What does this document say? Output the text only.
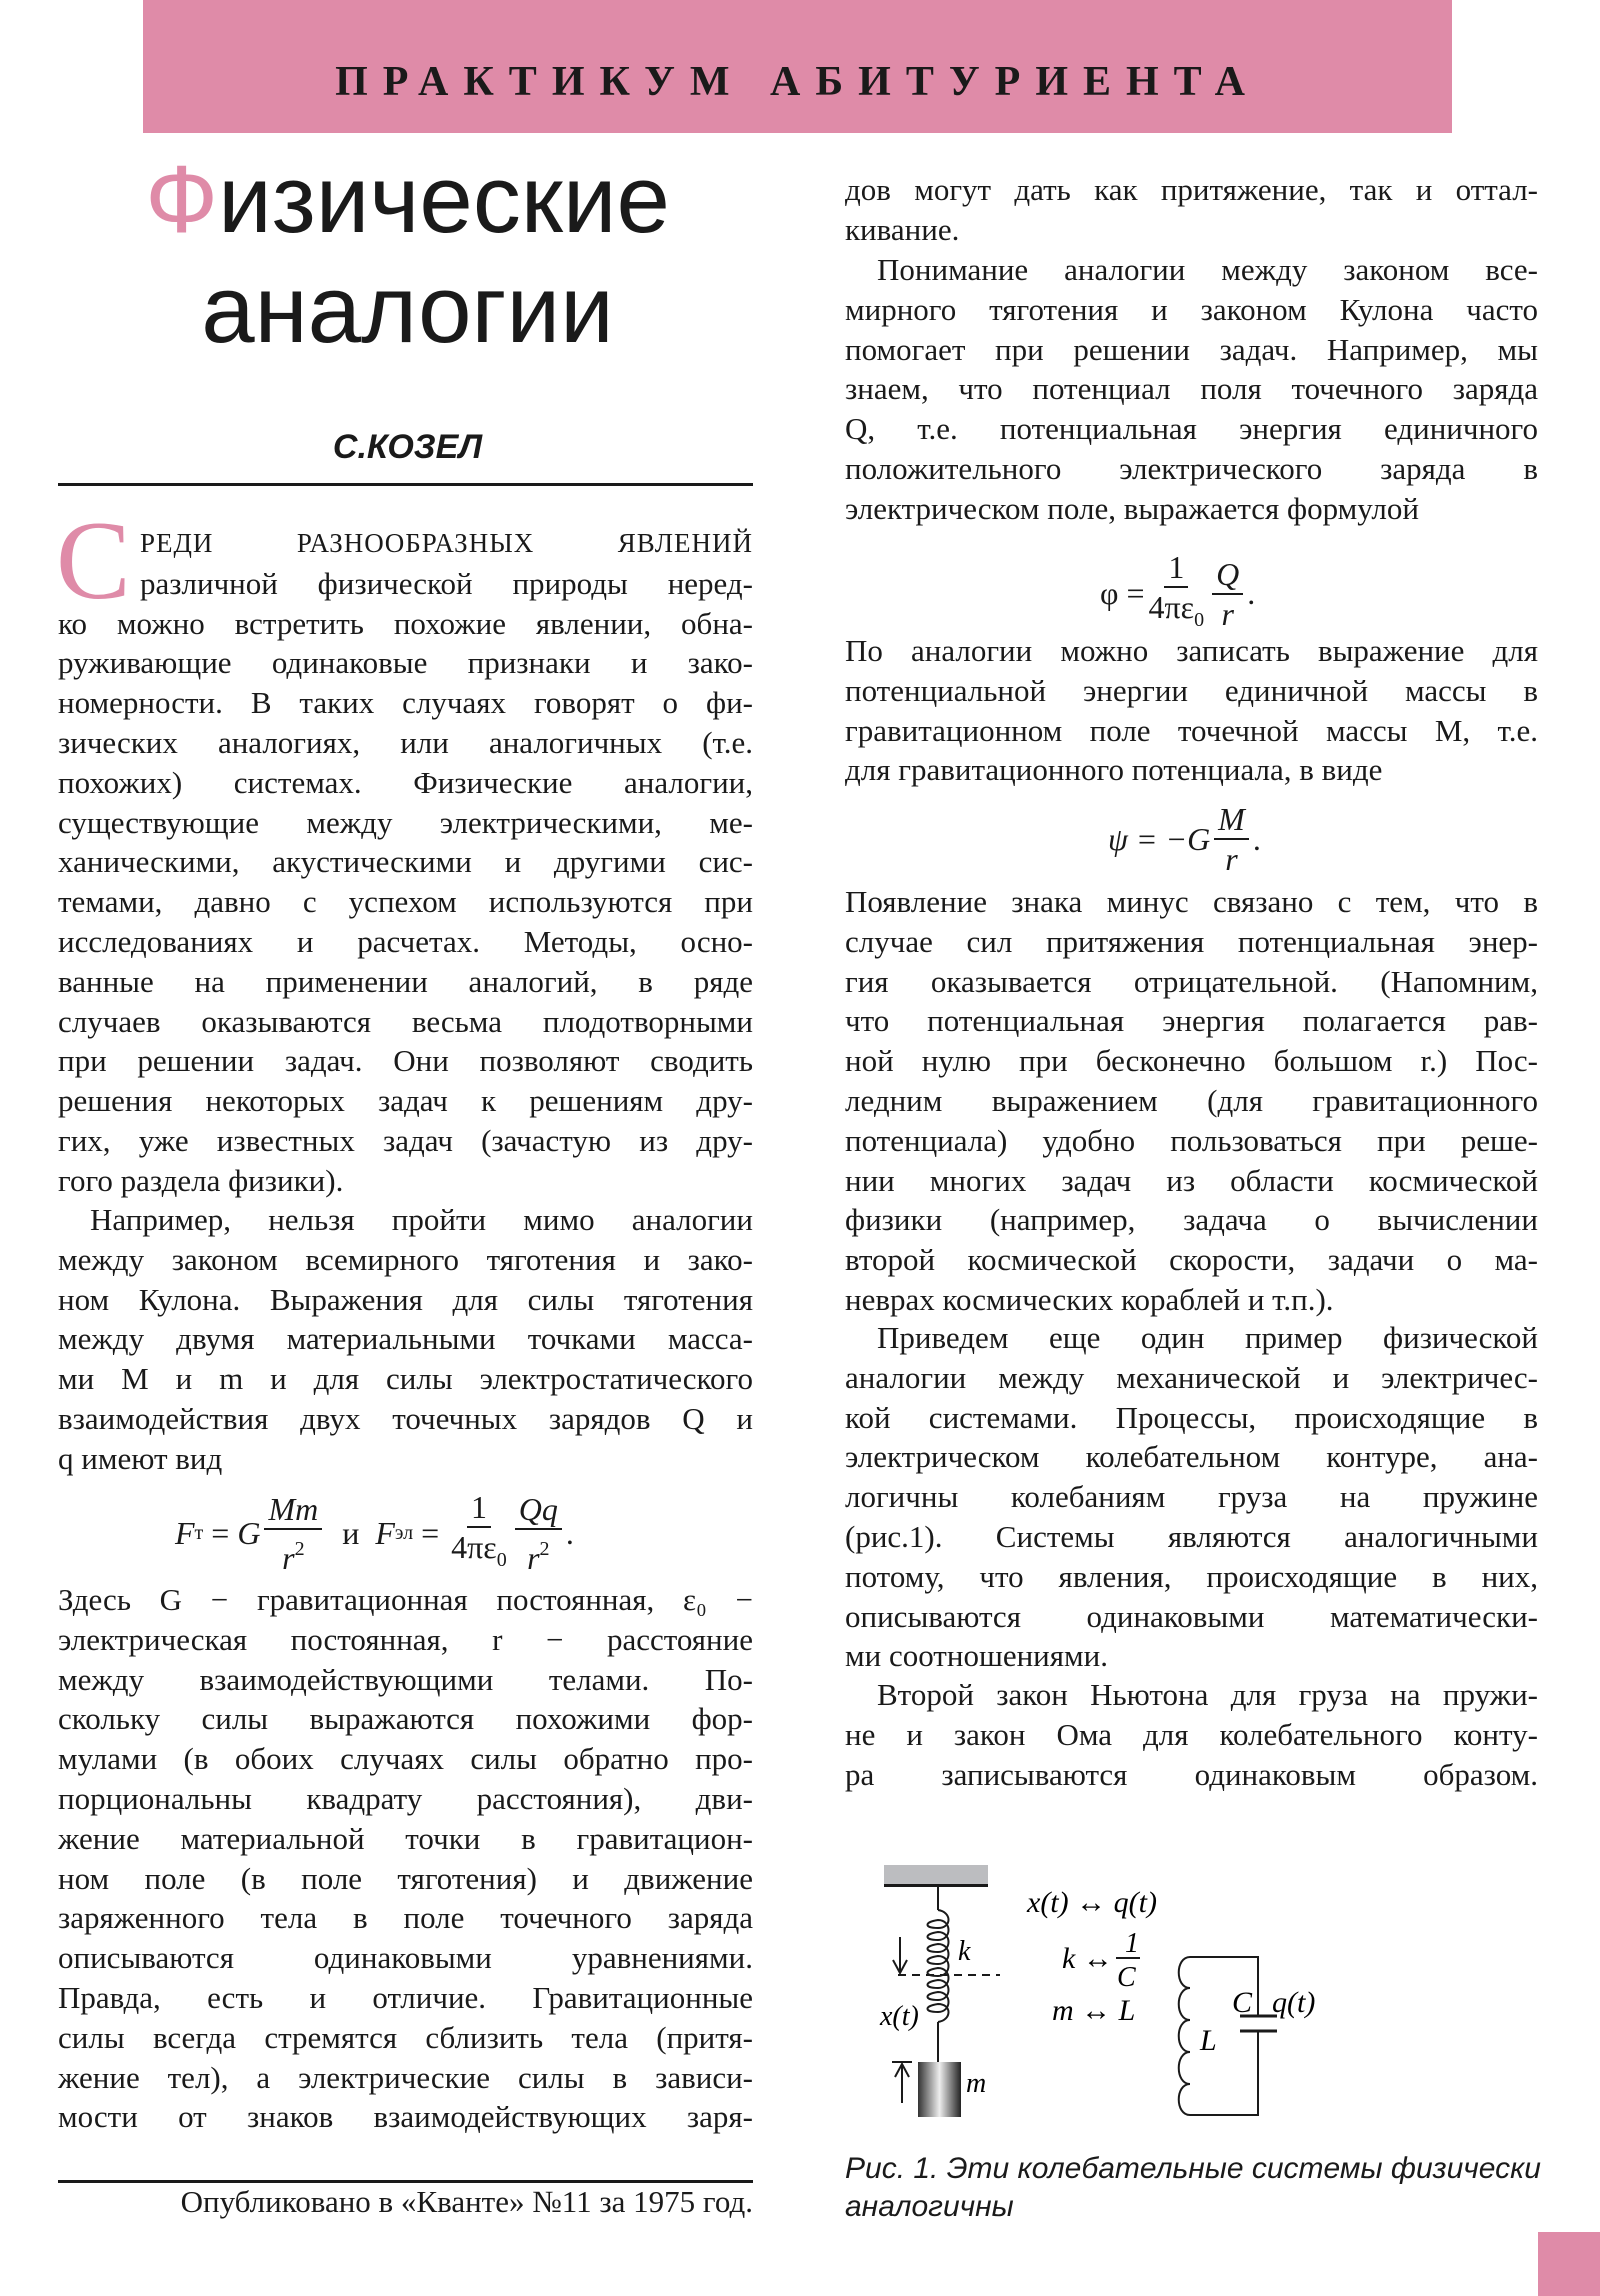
ПРАКТИКУМ АБИТУРИЕНТА
Физические
аналогии
С.КОЗЕЛ
С РЕДИ РАЗНООБРАЗНЫХ ЯВЛЕНИЙ
различной физической природы неред-
ко можно встретить похожие явлении, обна-
руживающие одинаковые признаки и зако-
номерности. В таких случаях говорят о фи-
зических аналогиях, или аналогичных (т.е.
похожих) системах. Физические аналогии,
существующие между электрическими, ме-
ханическими, акустическими и другими сис-
темами, давно с успехом используются при
исследованиях и расчетах. Методы, осно-
ванные на применении аналогий, в ряде
случаев оказываются весьма плодотворными
при решении задач. Они позволяют сводить
решения некоторых задач к решениям дру-
гих, уже известных задач (зачастую из дру-
гого раздела физики).
Например, нельзя пройти мимо аналогии
между законом всемирного тяготения и зако-
ном Кулона. Выражения для силы тяготения
между двумя материальными точками масса-
ми M и m и для силы электростатического
взаимодействия двух точечных зарядов Q и
q имеют вид
F т
=
G $\frac{Mm}{r^2}$
и
F эл
=
$\frac{1}{4\pi\varepsilon_0} \frac{Qq}{r^2}$ .
Здесь G − гравитационная постоянная, ε₀ −
электрическая постоянная, r − расстояние
между взаимодействующими телами. По-
скольку силы выражаются похожими фор-
мулами (в обоих случаях силы обратно про-
порциональны квадрату расстояния), дви-
жение материальной точки в гравитацион-
ном поле (в поле тяготения) и движение
заряженного тела в поле точечного заряда
описываются одинаковыми уравнениями.
Правда, есть и отличие. Гравитационные
силы всегда стремятся сблизить тела (притя-
жение тел), а электрические силы в зависи-
мости от знаков взаимодействующих заря-
Опубликовано в «Кванте» №11 за 1975 год.
дов могут дать как притяжение, так и оттал-
кивание.
Понимание аналогии между законом все-
мирного тяготения и законом Кулона часто
помогает при решении задач. Например, мы
знаем, что потенциал поля точечного заряда
Q, т.е. потенциальная энергия единичного
положительного электрического заряда в
электрическом поле, выражается формулой
$\varphi = \frac{1}{4\pi\varepsilon_0} \frac{Q}{r}$ .
По аналогии можно записать выражение для
потенциальной энергии единичной массы в
гравитационном поле точечной массы M, т.е.
для гравитационного потенциала, в виде
$\psi = -G \frac{M}{r}$ .
Появление знака минус связано с тем, что в
случае сил притяжения потенциальная энер-
гия оказывается отрицательной. (Напомним,
что потенциальная энергия полагается рав-
ной нулю при бесконечно большом r.) Пос-
ледним выражением (для гравитационного
потенциала) удобно пользоваться при реше-
нии многих задач из области космической
физики (например, задача о вычислении
второй космической скорости, задачи о ма-
неврах космических кораблей и т.п.).
Приведем еще один пример физической
аналогии между механической и электричес-
кой системами. Процессы, происходящие в
электрическом колебательном контуре, ана-
логичны колебаниям груза на пружине
(рис.1). Системы являются аналогичными
потому, что явления, происходящие в них,
описываются одинаковыми математически-
ми соотношениями.
Второй закон Ньютона для груза на пружи-
не и закон Ома для колебательного конту-
ра записываются одинаковым образом.
k
x(t)
m
x(t) ↔ q(t)
k ↔ 1
C
m ↔ L
L
C q(t)
Рис. 1. Эти колебательные системы физически
аналогичны
